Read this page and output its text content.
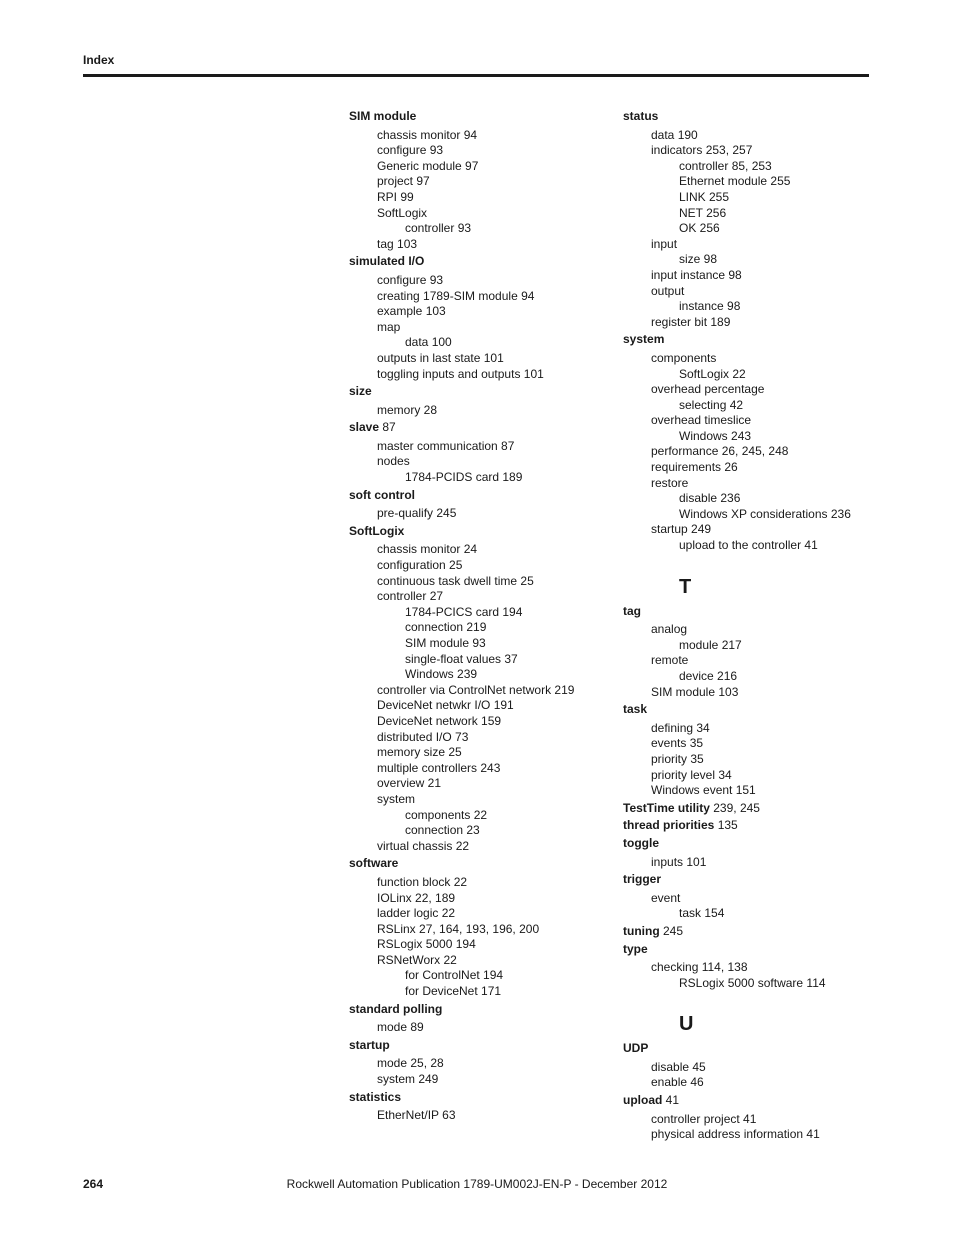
Index
SIM module
chassis monitor 94
configure 93
Generic module 97
project 97
RPI 99
SoftLogix
controller 93
tag 103
simulated I/O
configure 93
creating 1789-SIM module 94
example 103
map
data 100
outputs in last state 101
toggling inputs and outputs 101
size
memory 28
slave 87
master communication 87
nodes
1784-PCIDS card 189
soft control
pre-qualify 245
SoftLogix
chassis monitor 24
configuration 25
continuous task dwell time 25
controller 27
1784-PCICS card 194
connection 219
SIM module 93
single-float values 37
Windows 239
controller via ControlNet network 219
DeviceNet netwkr I/O 191
DeviceNet network 159
distributed I/O 73
memory size 25
multiple controllers 243
overview 21
system
components 22
connection 23
virtual chassis 22
software
function block 22
IOLinx 22, 189
ladder logic 22
RSLinx 27, 164, 193, 196, 200
RSLogix 5000 194
RSNetWorx 22
for ControlNet 194
for DeviceNet 171
standard polling
mode 89
startup
mode 25, 28
system 249
statistics
EtherNet/IP 63
status
data 190
indicators 253, 257
controller 85, 253
Ethernet module 255
LINK 255
NET 256
OK 256
input
size 98
input instance 98
output
instance 98
register bit 189
system
components
SoftLogix 22
overhead percentage
selecting 42
overhead timeslice
Windows 243
performance 26, 245, 248
requirements 26
restore
disable 236
Windows XP considerations 236
startup 249
upload to the controller 41
T
tag
analog
module 217
remote
device 216
SIM module 103
task
defining 34
events 35
priority 35
priority level 34
Windows event 151
TestTime utility 239, 245
thread priorities 135
toggle
inputs 101
trigger
event
task 154
tuning 245
type
checking 114, 138
RSLogix 5000 software 114
U
UDP
disable 45
enable 46
upload 41
controller project 41
physical address information 41
264	Rockwell Automation Publication 1789-UM002J-EN-P - December 2012
